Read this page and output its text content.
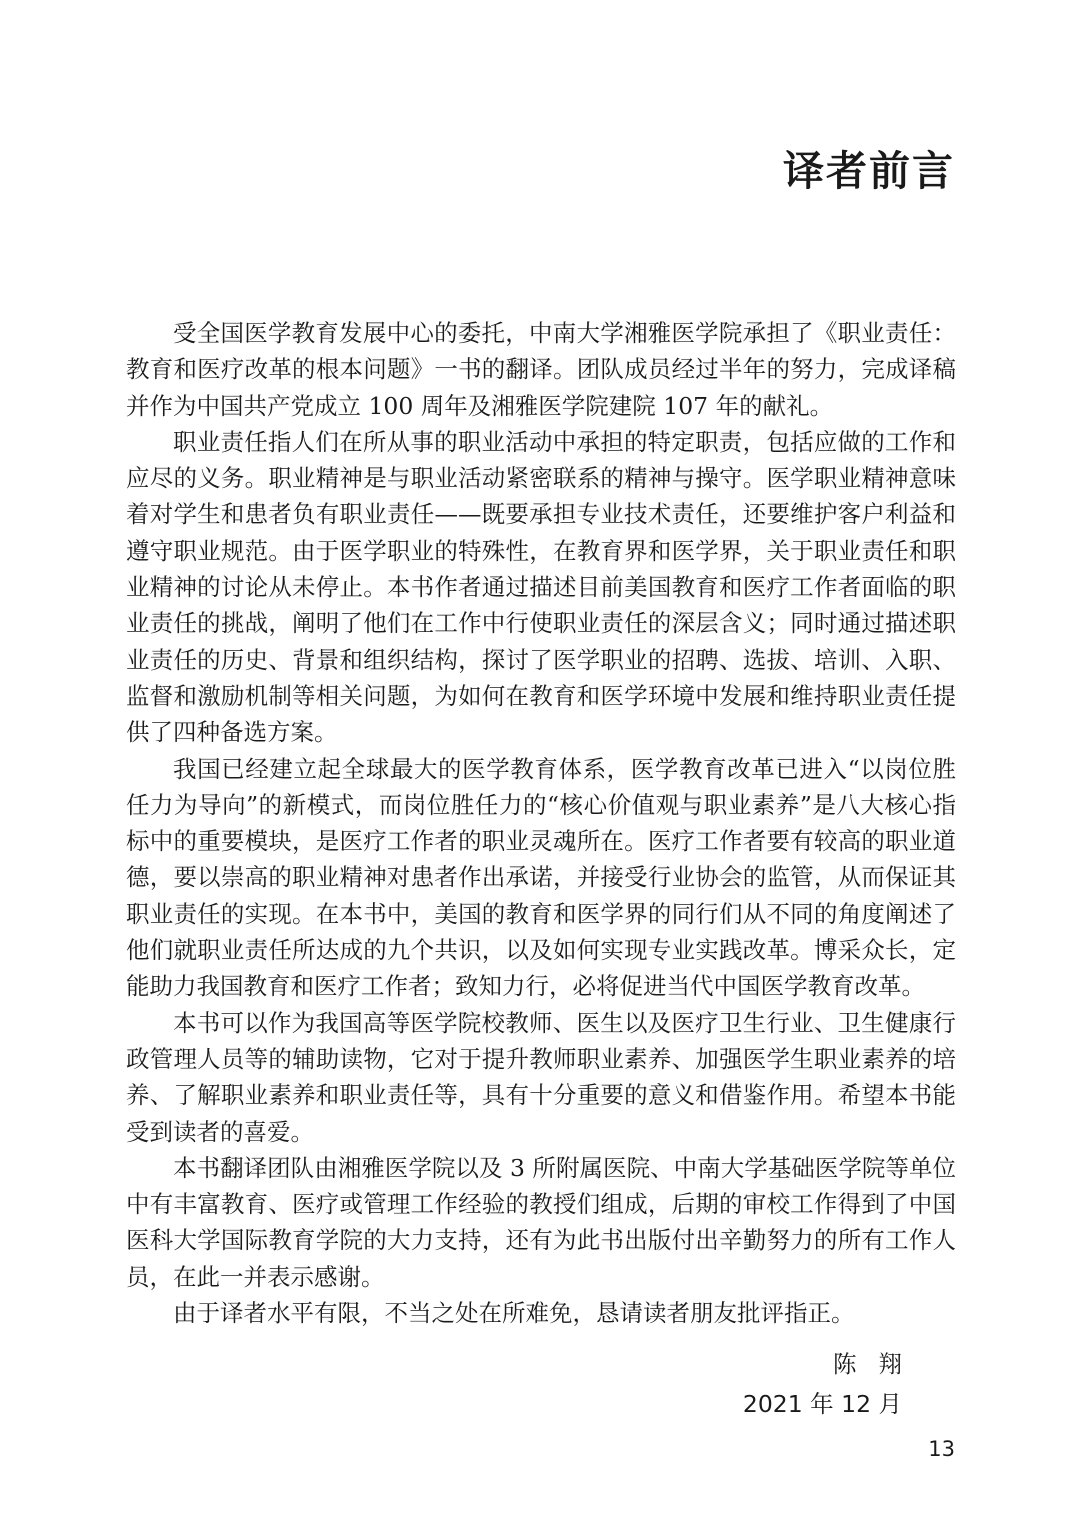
译者前言

受全国医学教育发展中心的委托，中南大学湘雅医学院承担了《职业责任：教育和医疗改革的根本问题》一书的翻译。团队成员经过半年的努力，完成译稿并作为中国共产党成立 100 周年及湘雅医学院建院 107 年的献礼。

职业责任指人们在所从事的职业活动中承担的特定职责，包括应做的工作和应尽的义务。职业精神是与职业活动紧密联系的精神与操守。医学职业精神意味着对学生和患者负有职业责任——既要承担专业技术责任，还要维护客户利益和遵守职业规范。由于医学职业的特殊性，在教育界和医学界，关于职业责任和职业精神的讨论从未停止。本书作者通过描述目前美国教育和医疗工作者面临的职业责任的挑战，阐明了他们在工作中行使职业责任的深层含义；同时通过描述职业责任的历史、背景和组织结构，探讨了医学职业的招聘、选拔、培训、入职、监督和激励机制等相关问题，为如何在教育和医学环境中发展和维持职业责任提供了四种备选方案。

我国已经建立起全球最大的医学教育体系，医学教育改革已进入“以岗位胜任力为导向”的新模式，而岗位胜任力的“核心价值观与职业素养”是八大核心指标中的重要模块，是医疗工作者的职业灵魂所在。医疗工作者要有较高的职业道德，要以崇高的职业精神对患者作出承诺，并接受行业协会的监管，从而保证其职业责任的实现。在本书中，美国的教育和医学界的同行们从不同的角度阐述了他们就职业责任所达成的九个共识，以及如何实现专业实践改革。博采众长，定能助力我国教育和医疗工作者；致知力行，必将促进当代中国医学教育改革。

本书可以作为我国高等医学院校教师、医生以及医疗卫生行业、卫生健康行政管理人员等的辅助读物，它对于提升教师职业素养、加强医学生职业素养的培养、了解职业素养和职业责任等，具有十分重要的意义和借鉴作用。希望本书能受到读者的喜爱。

本书翻译团队由湘雅医学院以及 3 所附属医院、中南大学基础医学院等单位中有丰富教育、医疗或管理工作经验的教授们组成，后期的审校工作得到了中国医科大学国际教育学院的大力支持，还有为此书出版付出辛勤努力的所有工作人员，在此一并表示感谢。

由于译者水平有限，不当之处在所难免，恳请读者朋友批评指正。

陈翔
2021 年 12 月
13
